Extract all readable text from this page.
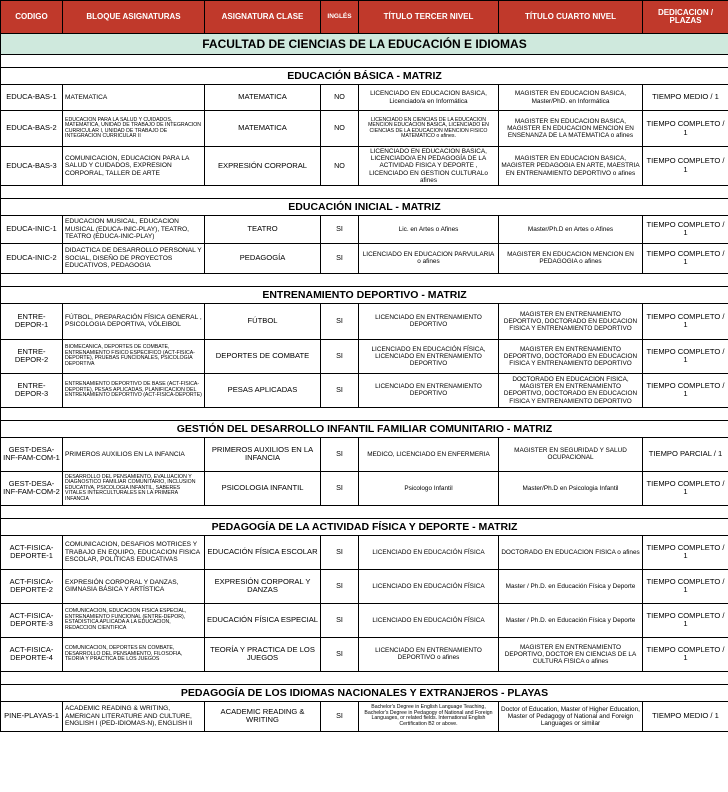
CODIGO	BLOQUE ASIGNATURAS	ASIGNATURA CLASE	INGLÉS	TÍTULO TERCER NIVEL	TÍTULO CUARTO NIVEL	DEDICACION / PLAZAS
FACULTAD DE CIENCIAS DE LA EDUCACIÓN E IDIOMAS						

EDUCACIÓN BÁSICA - MATRIZ						
EDUCA-BAS-1	MATEMATICA	MATEMATICA	NO	LICENCIADO EN EDUCACION BASICA, Licenciado/a en Informática	MAGISTER EN EDUCACION BASICA, Master/PhD. en Informática	TIEMPO MEDIO / 1
EDUCA-BAS-2	EDUCACION PARA LA SALUD Y CUIDADOS, MATEMATICA, UNIDAD DE TRABAJO DE INTEGRACION CURRICULAR I, UNIDAD DE TRABAJO DE INTEGRACION CURRICULAR II	MATEMATICA	NO	LICENCIADO EN CIENCIAS DE LA EDUCACION MENCION EDUCACION BASICA, LICENCIADO EN CIENCIAS DE LA EDUCACION MENCION FISICO MATEMATICO o afines.	MAGISTER EN EDUCACION BASICA, MAGISTER EN EDUCACION MENCION EN ENSENANZA DE LA MATEMATICA o afines	TIEMPO COMPLETO / 1
EDUCA-BAS-3	COMUNICACION, EDUCACION PARA LA SALUD Y CUIDADOS, EXPRESION CORPORAL, TALLER DE ARTE	EXPRESIÓN CORPORAL	NO	LICENCIADO EN EDUCACION BASICA, LICENCIADO/A EN PEDAGOGÍA DE LA ACTIVIDAD FISICA Y DEPORTE , LICENCIADO EN GESTION CULTURALo afines	MAGISTER EN EDUCACION BASICA, MAGISTER PEDAGOGIA EN ARTE, MAESTRIA EN ENTRENAMIENTO DEPORTIVO o afines	TIEMPO COMPLETO / 1

EDUCACIÓN INICIAL - MATRIZ						
EDUCA-INIC-1	EDUCACION MUSICAL, EDUCACION MUSICAL (EDUCA-INIC-PLAY), TEATRO, TEATRO (EDUCA-INIC-PLAY)	TEATRO	SI	Lic. en Artes o Afines	Master/Ph.D en Artes o Afines	TIEMPO COMPLETO / 1
EDUCA-INIC-2	DIDACTICA DE DESARROLLO PERSONAL Y SOCIAL, DISEÑO DE PROYECTOS EDUCATIVOS, PEDAGOGIA	PEDAGOGÍA	SI	LICENCIADO EN EDUCACION PARVULARIA o afines	MAGISTER EN EDUCACION MENCION EN PEDAGOGIA o afines	TIEMPO COMPLETO / 1

ENTRENAMIENTO DEPORTIVO - MATRIZ						
ENTRE-DEPOR-1	FÚTBOL, PREPARACIÓN FÍSICA GENERAL , PSICOLOGIA DEPORTIVA, VÓLEIBOL	FÚTBOL	SI	LICENCIADO EN ENTRENAMIENTO DEPORTIVO	MAGISTER EN ENTRENAMIENTO DEPORTIVO, DOCTORADO EN EDUCACION FISICA Y ENTRENAMIENTO DEPORTIVO	TIEMPO COMPLETO / 1
ENTRE-DEPOR-2	BIOMECANICA, DEPORTES DE COMBATE, ENTRENAMIENTO FISICO ESPECIFICO (ACT-FISICA-DEPORTE), PRUEBAS FUNCIONALES, PSICOLOGIA DEPORTIVA	DEPORTES DE COMBATE	SI	LICENCIADO EN EDUCACIÓN FÍSICA, LICENCIADO EN ENTRENAMIENTO DEPORTIVO	MAGISTER EN ENTRENAMIENTO DEPORTIVO, DOCTORADO EN EDUCACION FISICA Y ENTRENAMIENTO DEPORTIVO	TIEMPO COMPLETO / 1
ENTRE-DEPOR-3	ENTRENAMIENTO DEPORTIVO DE BASE (ACT-FISICA-DEPORTE), PESAS APLICADAS, PLANIFICACION DEL ENTRENAMIENTO DEPORTIVO (ACT-FISICA-DEPORTE)	PESAS APLICADAS	SI	LICENCIADO EN ENTRENAMIENTO DEPORTIVO	DOCTORADO EN EDUCACION FISICA, MAGISTER EN ENTRENAMIENTO DEPORTIVO, DOCTORADO EN EDUCACION FISICA Y ENTRENAMIENTO DEPORTIVO	TIEMPO COMPLETO / 1

GESTIÓN DEL DESARROLLO INFANTIL FAMILIAR COMUNITARIO - MATRIZ						
GEST-DESA-INF-FAM-COM-1	PRIMEROS AUXILIOS EN LA INFANCIA	PRIMEROS AUXILIOS EN LA INFANCIA	SI	MEDICO, LICENCIADO EN ENFERMERIA	MAGISTER EN SEGURIDAD Y SALUD OCUPACIONAL	TIEMPO PARCIAL / 1
GEST-DESA-INF-FAM-COM-2	DESARROLLO DEL PENSAMIENTO, EVALUACION Y DIAGNOSTICO FAMILIAR COMUNITARIO, INCLUSION EDUCATIVA, PSICOLOGIA INFANTIL, SABERES VITALES INTERCULTURALES EN LA PRIMERA INFANCIA	PSICOLOGIA INFANTIL	SI	Psicologo Infantil	Master/Ph.D en Psicologia Infantil	TIEMPO COMPLETO / 1

PEDAGOGÍA DE LA ACTIVIDAD FÍSICA Y DEPORTE - MATRIZ						
ACT-FISICA-DEPORTE-1	COMUNICACION, DESAFIOS MOTRICES Y TRABAJO EN EQUIPO, EDUCACION FISICA ESCOLAR, POLITICAS EDUCATIVAS	EDUCACIÓN FÍSICA ESCOLAR	SI	LICENCIADO EN EDUCACIÓN FÍSICA	DOCTORADO EN EDUCACION FISICA o afines	TIEMPO COMPLETO / 1
ACT-FISICA-DEPORTE-2	EXPRESIÓN CORPORAL Y DANZAS, GIMNASIA BÁSICA Y ARTÍSTICA	EXPRESIÓN CORPORAL Y DANZAS	SI	LICENCIADO EN EDUCACIÓN FÍSICA	Master / Ph.D. en Educación Física y Deporte	TIEMPO COMPLETO / 1
ACT-FISICA-DEPORTE-3	COMUNICACION, EDUCACION FISICA ESPECIAL, ENTRENAMIENTO FUNCIONAL (ENTRE-DEPOR), ESTADISTICA APLICADA A LA EDUCACION, REDACCION CIENTIFICA	EDUCACIÓN FÍSICA ESPECIAL	SI	LICENCIADO EN EDUCACIÓN FÍSICA	Master / Ph.D. en Educación Física y Deporte	TIEMPO COMPLETO / 1
ACT-FISICA-DEPORTE-4	COMUNICACION, DEPORTES EN COMBATE, DESARROLLO DEL PENSAMIENTO, FILOSOFIA, TEORIA Y PRACTICA DE LOS JUEGOS	TEORÍA Y PRACTICA DE LOS JUEGOS	SI	LICENCIADO EN ENTRENAMIENTO DEPORTIVO o afines	MAGISTER EN ENTRENAMIENTO DEPORTIVO, DOCTOR EN CIENCIAS DE LA CULTURA FISICA o afines	TIEMPO COMPLETO / 1

PEDAGOGÍA DE LOS IDIOMAS NACIONALES Y EXTRANJEROS - PLAYAS						
PINE-PLAYAS-1	ACADEMIC READING & WRITING, AMERICAN LITERATURE AND CULTURE, ENGLISH I (PED-IDIOMAS-N), ENGLISH II	ACADEMIC READING & WRITING	SI	Bachelor's Degree in English Language Teaching, Bachelor's Degree in Pedagogy of National and Foreign Languages, or related fields. International English Certification B2 or above.	Doctor of Education, Master of Higher Education, Master of Pedagogy of National and Foreign Languages or similar	TIEMPO MEDIO / 1
